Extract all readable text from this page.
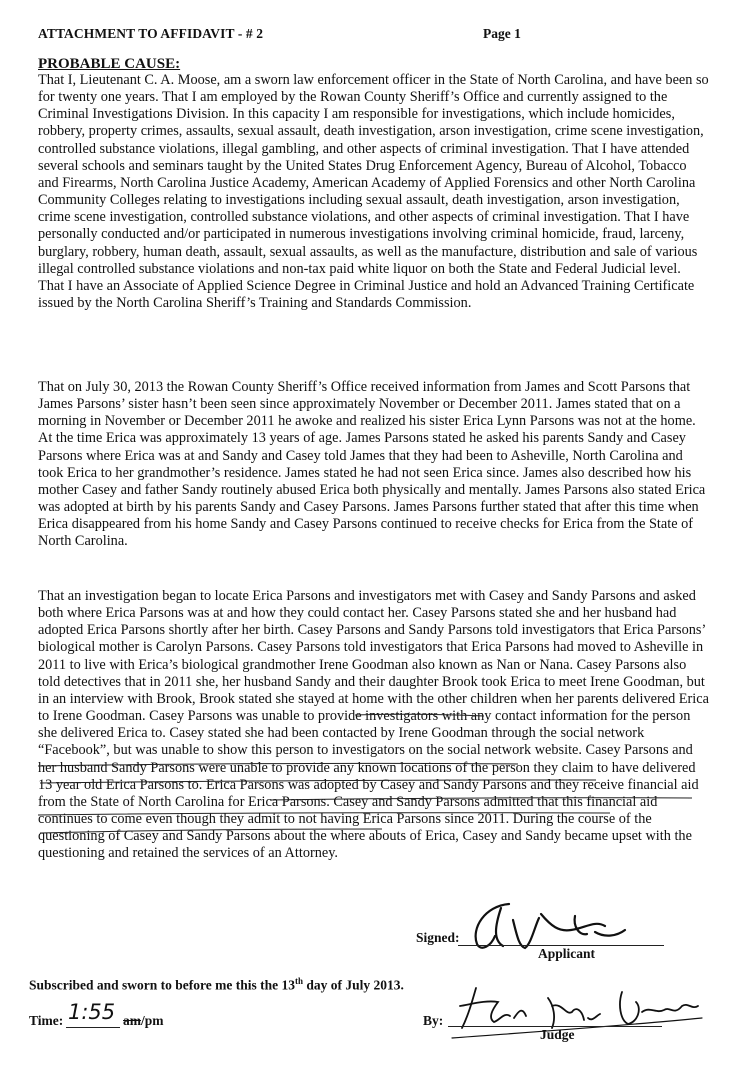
ATTACHMENT TO AFFIDAVIT - # 2	Page 1
PROBABLE CAUSE:
That I, Lieutenant C. A. Moose, am a sworn law enforcement officer in the State of North Carolina, and have been so for twenty one years. That I am employed by the Rowan County Sheriff’s Office and currently assigned to the Criminal Investigations Division. In this capacity I am responsible for investigations, which include homicides, robbery, property crimes, assaults, sexual assault, death investigation, arson investigation, crime scene investigation, controlled substance violations, illegal gambling, and other aspects of criminal investigation. That I have attended several schools and seminars taught by the United States Drug Enforcement Agency, Bureau of Alcohol, Tobacco and Firearms, North Carolina Justice Academy, American Academy of Applied Forensics and other North Carolina Community Colleges relating to investigations including sexual assault, death investigation, arson investigation, crime scene investigation, controlled substance violations, and other aspects of criminal investigation. That I have personally conducted and/or participated in numerous investigations involving criminal homicide, fraud, larceny, burglary, robbery, human death, assault, sexual assaults, as well as the manufacture, distribution and sale of various illegal controlled substance violations and non-tax paid white liquor on both the State and Federal Judicial level. That I have an Associate of Applied Science Degree in Criminal Justice and hold an Advanced Training Certificate issued by the North Carolina Sheriff’s Training and Standards Commission.
That on July 30, 2013 the Rowan County Sheriff’s Office received information from James and Scott Parsons that James Parsons’ sister hasn’t been seen since approximately November or December 2011. James stated that on a morning in November or December 2011 he awoke and realized his sister Erica Lynn Parsons was not at the home. At the time Erica was approximately 13 years of age. James Parsons stated he asked his parents Sandy and Casey Parsons where Erica was at and Sandy and Casey told James that they had been to Asheville, North Carolina and took Erica to her grandmother’s residence. James stated he had not seen Erica since. James also described how his mother Casey and father Sandy routinely abused Erica both physically and mentally. James Parsons also stated Erica was adopted at birth by his parents Sandy and Casey Parsons. James Parsons further stated that after this time when Erica disappeared from his home Sandy and Casey Parsons continued to receive checks for Erica from the State of North Carolina.
That an investigation began to locate Erica Parsons and investigators met with Casey and Sandy Parsons and asked both where Erica Parsons was at and how they could contact her. Casey Parsons stated she and her husband had adopted Erica Parsons shortly after her birth. Casey Parsons and Sandy Parsons told investigators that Erica Parsons’ biological mother is Carolyn Parsons. Casey Parsons told investigators that Erica Parsons had moved to Asheville in 2011 to live with Erica’s biological grandmother Irene Goodman also known as Nan or Nana. Casey Parsons also told detectives that in 2011 she, her husband Sandy and their daughter Brook took Erica to meet Irene Goodman, but in an interview with Brook, Brook stated she stayed at home with the other children when her parents delivered Erica to Irene Goodman. Casey Parsons was unable to provide investigators with any contact information for the person she delivered Erica to. Casey stated she had been contacted by Irene Goodman through the social network “Facebook”, but was unable to show this person to investigators on the social network website. Casey Parsons and her husband Sandy Parsons were unable to provide any known locations of the person they claim to have delivered 13 year old Erica Parsons to. Erica Parsons was adopted by Casey and Sandy Parsons and they receive financial aid from the State of North Carolina for Erica Parsons. Casey and Sandy Parsons admitted that this financial aid continues to come even though they admit to not having Erica Parsons since 2011. During the course of the questioning of Casey and Sandy Parsons about the where abouts of Erica, Casey and Sandy became upset with the questioning and retained the services of an Attorney.
Signed:
Applicant
Subscribed and sworn to before me this the 13th day of July 2013.
Time: 1:55 am/pm	By:
Judge
